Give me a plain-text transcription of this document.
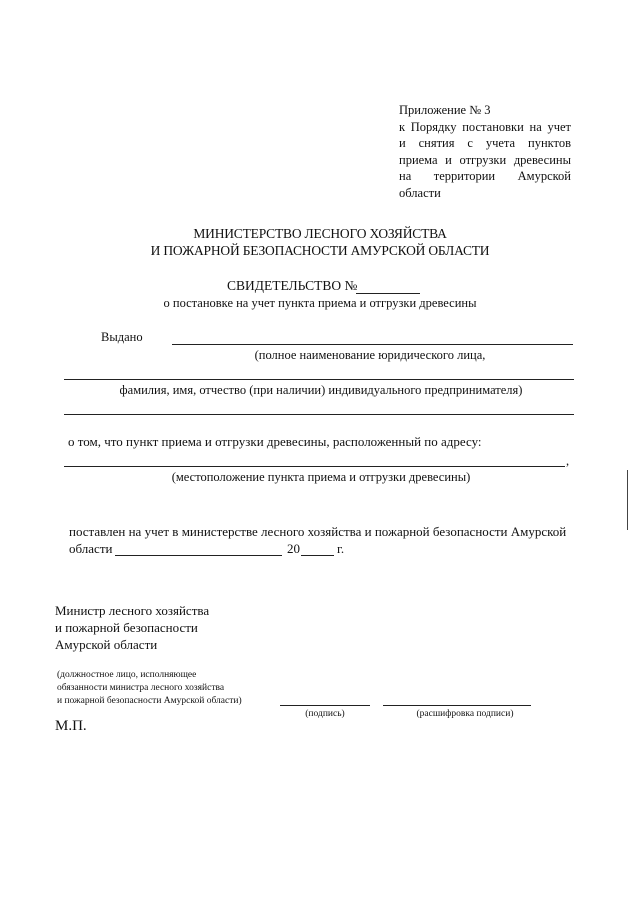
Приложение № 3
к Порядку постановки на учет
и снятия с учета пунктов
приема и отгрузки древесины
на территории Амурской
области
МИНИСТЕРСТВО ЛЕСНОГО ХОЗЯЙСТВА
И ПОЖАРНОЙ БЕЗОПАСНОСТИ АМУРСКОЙ ОБЛАСТИ
СВИДЕТЕЛЬСТВО №
о постановке на учет пункта приема и отгрузки древесины
Выдано
(полное наименование юридического лица,
фамилия, имя, отчество (при наличии) индивидуального предпринимателя)
о том, что пункт приема и отгрузки древесины, расположенный по адресу:
,
(местоположение пункта приема и отгрузки древесины)
поставлен на учет в министерстве лесного хозяйства и пожарной безопасности Амурской
области	20	г.
Министр лесного хозяйства
и пожарной безопасности
Амурской области
(должностное лицо, исполняющее
обязанности министра лесного хозяйства
и пожарной безопасности Амурской области)
(подпись)	(расшифровка подписи)
М.П.
